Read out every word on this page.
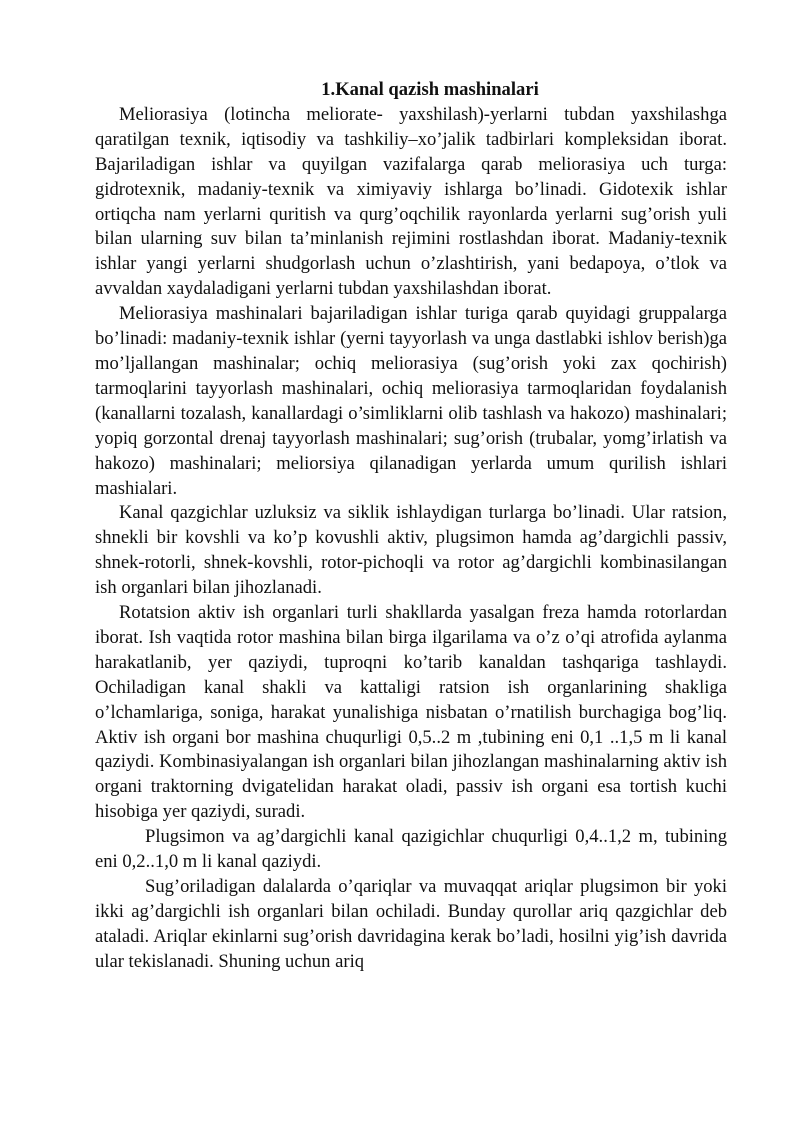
1.Kanal qazish mashinalari

Meliorasiya (lotincha meliorate- yaxshilash)-yerlarni tubdan yaxshilashga qaratilgan texnik, iqtisodiy va tashkiliy–xo’jalik tadbirlari kompleksidan iborat. Bajariladigan ishlar va quyilgan vazifalarga qarab meliorasiya uch turga: gidrotexnik, madaniy-texnik va ximiyaviy ishlarga bo’linadi. Gidotexik ishlar ortiqcha nam yerlarni quritish va qurg’oqchilik rayonlarda yerlarni sug’orish yuli bilan ularning suv bilan ta’minlanish rejimini rostlashdan iborat. Madaniy-texnik ishlar yangi yerlarni shudgorlash uchun o’zlashtirish, yani bedapoya, o’tlok va avvaldan xaydaladigani yerlarni tubdan yaxshilashdan iborat.

Meliorasiya mashinalari bajariladigan ishlar turiga qarab quyidagi gruppalarga bo’linadi: madaniy-texnik ishlar (yerni tayyorlash va unga dastlabki ishlov berish)ga mo’ljallangan mashinalar; ochiq meliorasiya (sug’orish yoki zax qochirish) tarmoqlarini tayyorlash mashinalari, ochiq meliorasiya tarmoqlaridan foydalanish (kanallarni tozalash, kanallardagi o’simliklarni olib tashlash va hakozo) mashinalari; yopiq gorzontal drenaj tayyorlash mashinalari; sug’orish (trubalar, yomg’irlatish va hakozo) mashinalari; meliorsiya qilanadigan yerlarda umum qurilish ishlari mashialari.

Kanal qazgichlar uzluksiz va siklik ishlaydigan turlarga bo’linadi. Ular ratsion, shnekli bir kovshli va ko’p kovushli aktiv, plugsimon hamda ag’dargichli passiv, shnek-rotorli, shnek-kovshli, rotor-pichoqli va rotor ag’dargichli kombinasilangan ish organlari bilan jihozlanadi.

Rotatsion aktiv ish organlari turli shakllarda yasalgan freza hamda rotorlardan iborat. Ish vaqtida rotor mashina bilan birga ilgarilama va o’z o’qi atrofida aylanma harakatlanib, yer qaziydi, tuproqni ko’tarib kanaldan tashqariga tashlaydi. Ochiladigan kanal shakli va kattaligi ratsion ish organlarining shakliga o’lchamlariga, soniga, harakat yunalishiga nisbatan o’rnatilish burchagiga bog’liq. Aktiv ish organi bor mashina chuqurligi 0,5..2 m ,tubining eni 0,1 ..1,5 m li kanal qaziydi. Kombinasiyalangan ish organlari bilan jihozlangan mashinalarning aktiv ish organi traktorning dvigatelidan harakat oladi, passiv ish organi esa tortish kuchi hisobiga yer qaziydi, suradi.

Plugsimon va ag’dargichli kanal qazigichlar chuqurligi 0,4..1,2 m, tubining eni 0,2..1,0 m li kanal qaziydi.

Sug’oriladigan dalalarda o’qariqlar va muvaqqat ariqlar plugsimon bir yoki ikki ag’dargichli ish organlari bilan ochiladi. Bunday qurollar ariq qazgichlar deb ataladi. Ariqlar ekinlarni sug’orish davridagina kerak bo’ladi, hosilni yig’ish davrida ular tekislanadi. Shuning uchun ariq
